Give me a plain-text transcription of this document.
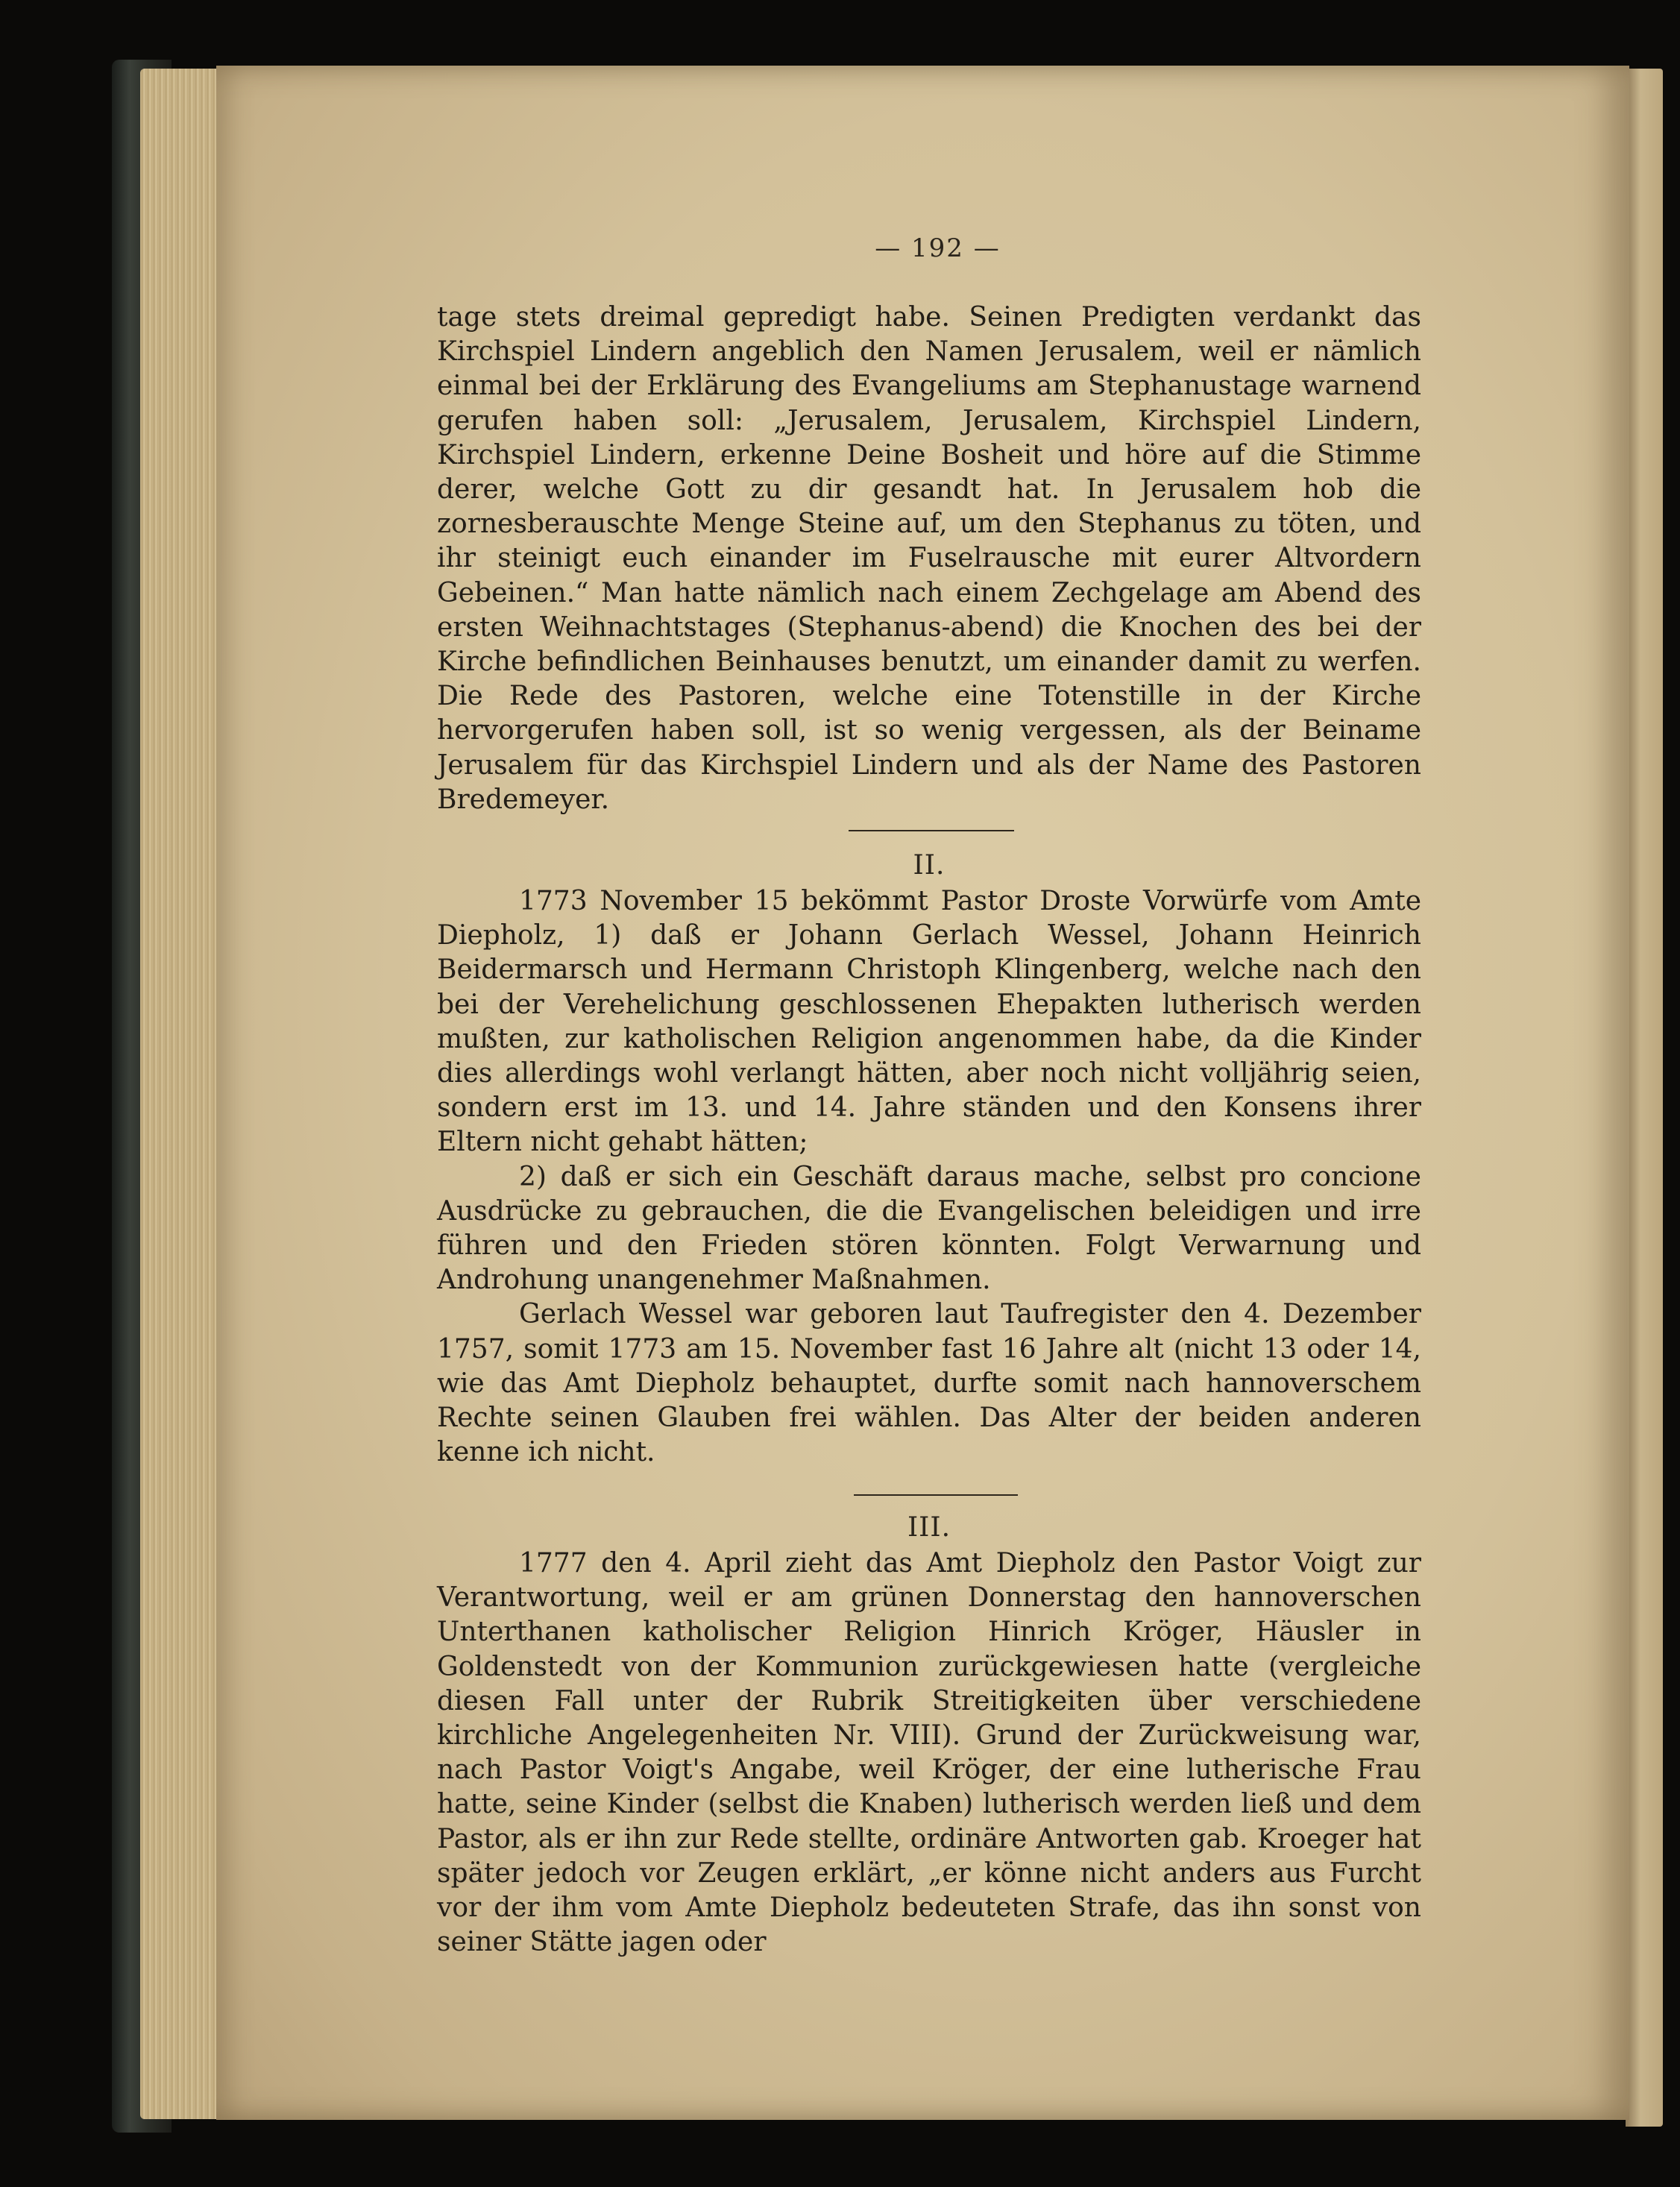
— 192 —

tage stets dreimal gepredigt habe. Seinen Predigten verdankt das Kirchspiel Lindern angeblich den Namen Jerusalem, weil er nämlich einmal bei der Erklärung des Evangeliums am Stephanustage warnend gerufen haben soll: „Jerusalem, Jerusalem, Kirchspiel Lindern, Kirchspiel Lindern, erkenne Deine Bosheit und höre auf die Stimme derer, welche Gott zu dir gesandt hat. In Jerusalem hob die zornesberauschte Menge Steine auf, um den Stephanus zu töten, und ihr steinigt euch einander im Fuselrausche mit eurer Altvordern Gebeinen.“ Man hatte nämlich nach einem Zechgelage am Abend des ersten Weihnachtstages (Stephanus-abend) die Knochen des bei der Kirche befindlichen Beinhauses benutzt, um einander damit zu werfen. Die Rede des Pastoren, welche eine Totenstille in der Kirche hervorgerufen haben soll, ist so wenig vergessen, als der Beiname Jerusalem für das Kirchspiel Lindern und als der Name des Pastoren Bredemeyer.

II.

1773 November 15 bekömmt Pastor Droste Vorwürfe vom Amte Diepholz, 1) daß er Johann Gerlach Wessel, Johann Heinrich Beidermarsch und Hermann Christoph Klingenberg, welche nach den bei der Verehelichung geschlossenen Ehepakten lutherisch werden mußten, zur katholischen Religion angenommen habe, da die Kinder dies allerdings wohl verlangt hätten, aber noch nicht volljährig seien, sondern erst im 13. und 14. Jahre ständen und den Konsens ihrer Eltern nicht gehabt hätten;

2) daß er sich ein Geschäft daraus mache, selbst pro concione Ausdrücke zu gebrauchen, die die Evangelischen beleidigen und irre führen und den Frieden stören könnten. Folgt Verwarnung und Androhung unangenehmer Maßnahmen.

Gerlach Wessel war geboren laut Taufregister den 4. Dezember 1757, somit 1773 am 15. November fast 16 Jahre alt (nicht 13 oder 14, wie das Amt Diepholz behauptet, durfte somit nach hannoverschem Rechte seinen Glauben frei wählen. Das Alter der beiden anderen kenne ich nicht.

III.

1777 den 4. April zieht das Amt Diepholz den Pastor Voigt zur Verantwortung, weil er am grünen Donnerstag den hannoverschen Unterthanen katholischer Religion Hinrich Kröger, Häusler in Goldenstedt von der Kommunion zurückgewiesen hatte (vergleiche diesen Fall unter der Rubrik Streitigkeiten über verschiedene kirchliche Angelegenheiten Nr. VIII). Grund der Zurückweisung war, nach Pastor Voigt's Angabe, weil Kröger, der eine lutherische Frau hatte, seine Kinder (selbst die Knaben) lutherisch werden ließ und dem Pastor, als er ihn zur Rede stellte, ordinäre Antworten gab. Kroeger hat später jedoch vor Zeugen erklärt, „er könne nicht anders aus Furcht vor der ihm vom Amte Diepholz bedeuteten Strafe, das ihn sonst von seiner Stätte jagen oder
